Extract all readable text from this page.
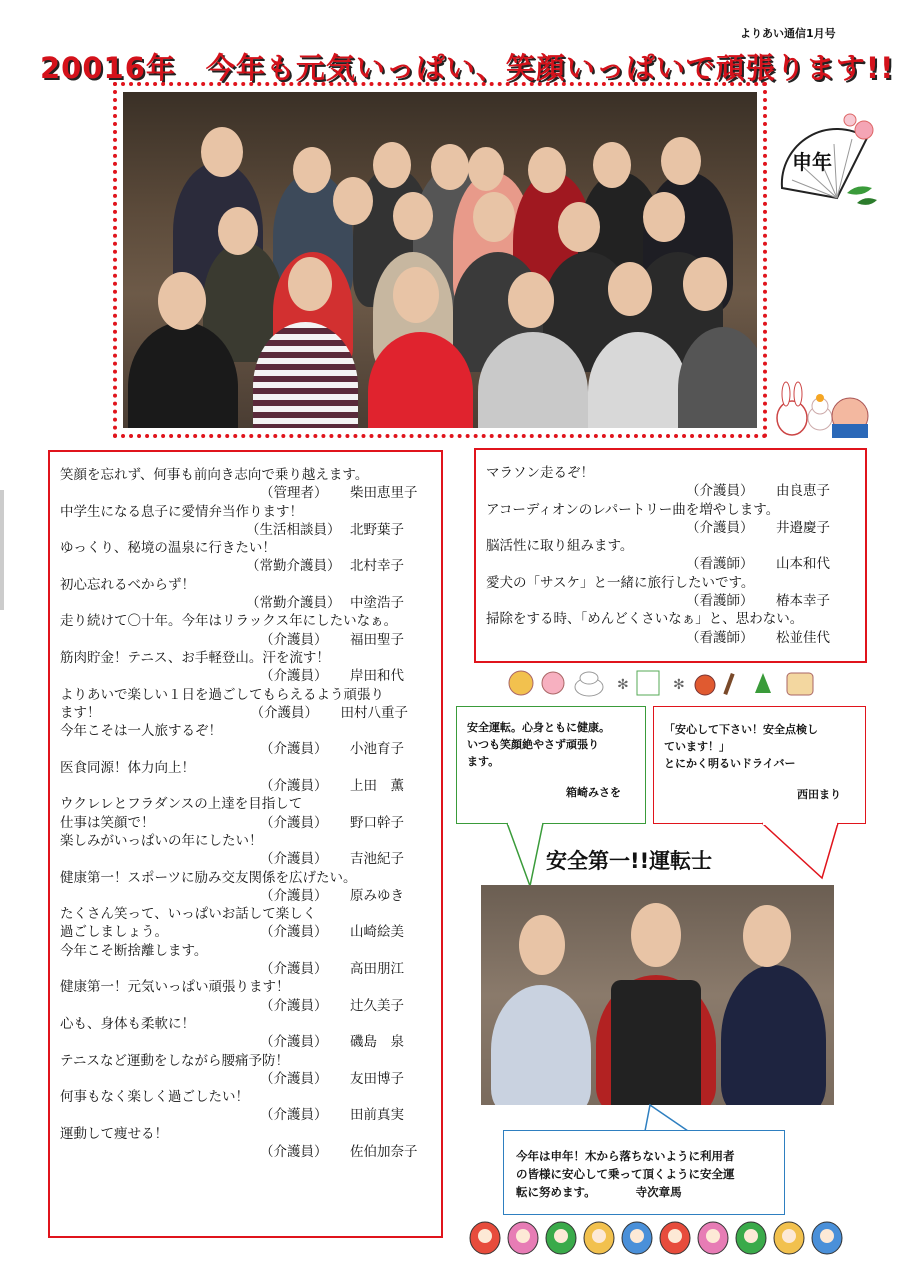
よりあい通信1月号
20016年　今年も元気いっぱい、笑顔いっぱいで頑張ります!!
申年
笑顔を忘れず、何事も前向き志向で乗り越えます。
（管理者） 柴田恵里子
中学生になる息子に愛情弁当作ります！
（生活相談員） 北野葉子
ゆっくり、秘境の温泉に行きたい！
（常勤介護員） 北村幸子
初心忘れるべからず！
（常勤介護員） 中塗浩子
走り続けて〇十年。今年はリラックス年にしたいなぁ。
（介護員） 福田聖子
筋肉貯金！テニス、お手軽登山。汗を流す！
（介護員） 岸田和代
よりあいで楽しい１日を過ごしてもらえるよう頑張り
ます！	（介護員） 田村八重子
今年こそは一人旅するぞ！
（介護員） 小池育子
医食同源！体力向上！
（介護員） 上田　薫
ウクレレとフラダンスの上達を目指して
仕事は笑顔で！	（介護員） 野口幹子
楽しみがいっぱいの年にしたい！
（介護員） 吉池紀子
健康第一！スポーツに励み交友関係を広げたい。
（介護員） 原みゆき
たくさん笑って、いっぱいお話して楽しく
過ごしましょう。	（介護員） 山崎絵美
今年こそ断捨離します。
（介護員） 高田朋江
健康第一！元気いっぱい頑張ります！
（介護員） 辻久美子
心も、身体も柔軟に！
（介護員） 磯島　泉
テニスなど運動をしながら腰痛予防！
（介護員） 友田博子
何事もなく楽しく過ごしたい！
（介護員） 田前真実
運動して痩せる！
（介護員） 佐伯加奈子
マラソン走るぞ！
（介護員） 由良恵子
アコーディオンのレパートリー曲を増やします。
（介護員） 井邉慶子
脳活性に取り組みます。
（看護師） 山本和代
愛犬の「サスケ」と一緒に旅行したいです。
（看護師） 椿本幸子
掃除をする時、「めんどくさいなぁ」と、思わない。
（看護師） 松並佳代
✻	✻
安全運転。心身ともに健康。
いつも笑顔絶やさず頑張り
ます。
箱崎みさを
「安心して下さい！安全点検し
ています！」
とにかく明るいドライバー
西田まり
安全第一!!運転士
今年は申年！木から落ちないように利用者
の皆様に安心して乗って頂くように安全運
転に努めます。	寺次章馬
